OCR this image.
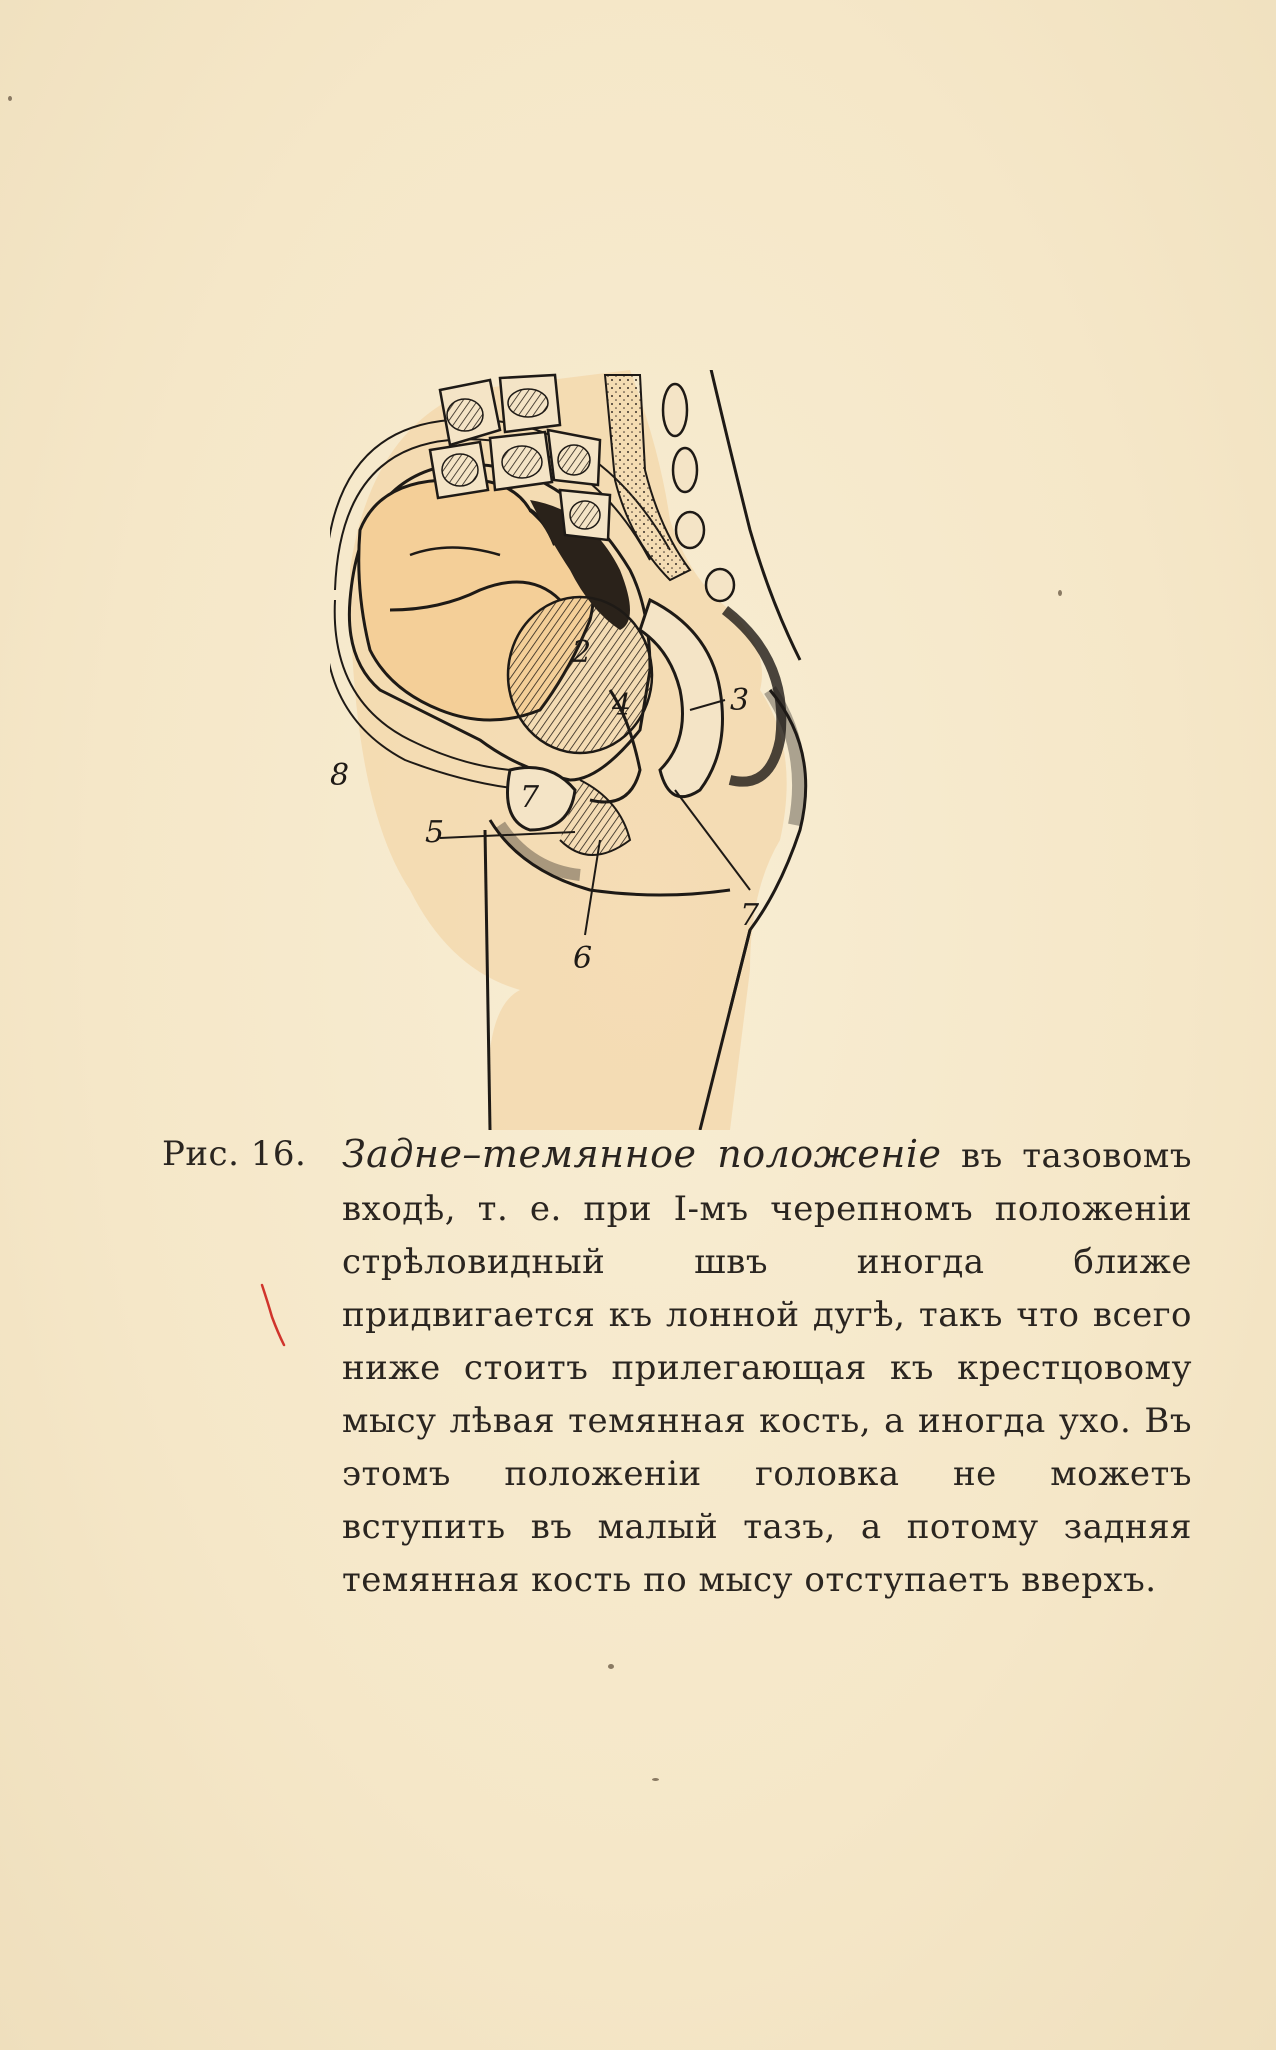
2
3
4
5
6
7
7
8
Рис. 16. Задне–темянное положенiе въ тазовомъ входѣ, т. е. при I-мъ черепномъ положенiи стрѣловидный швъ иногда ближе придвигается къ лонной дугѣ, такъ что всего ниже стоитъ прилегающая къ крестцовому мысу лѣвая темянная кость, а иногда ухо. Въ этомъ положенiи головка не можетъ вступить въ малый тазъ, а потому задняя темянная кость по мысу отступаетъ вверхъ.
